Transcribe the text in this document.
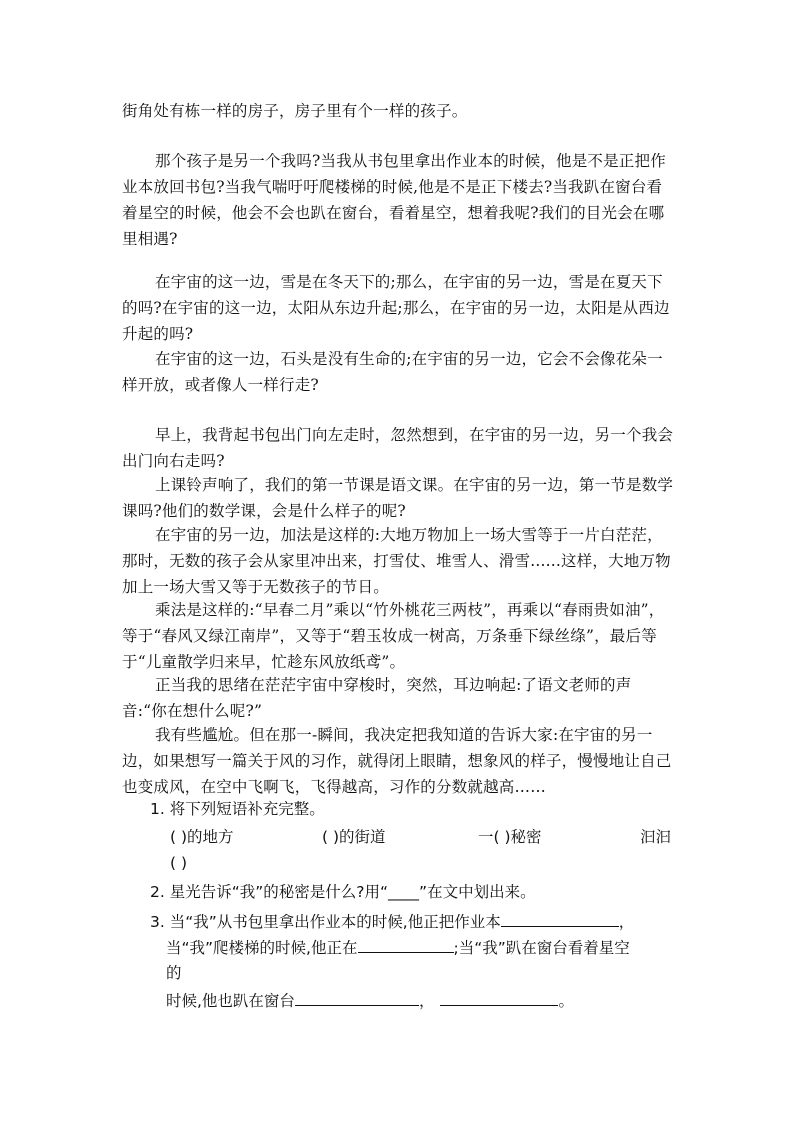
街角处有栋一样的房子，房子里有个一样的孩子。
那个孩子是另一个我吗?当我从书包里拿出作业本的时候，他是不是正把作业本放回书包?当我气喘吁吁爬楼梯的时候,他是不是正下楼去?当我趴在窗台看着星空的时候，他会不会也趴在窗台，看着星空，想着我呢?我们的目光会在哪里相遇?
在宇宙的这一边，雪是在冬天下的;那么，在宇宙的另一边，雪是在夏天下的吗?在宇宙的这一边，太阳从东边升起;那么，在宇宙的另一边，太阳是从西边升起的吗?
在宇宙的这一边，石头是没有生命的;在宇宙的另一边，它会不会像花朵一样开放，或者像人一样行走?
早上，我背起书包出门向左走时，忽然想到，在宇宙的另一边，另一个我会出门向右走吗?
上课铃声响了，我们的第一节课是语文课。在宇宙的另一边，第一节是数学课吗?他们的数学课，会是什么样子的呢?
在宇宙的另一边，加法是这样的:大地万物加上一场大雪等于一片白茫茫，那时，无数的孩子会从家里冲出来，打雪仗、堆雪人、滑雪......这样，大地万物加上一场大雪又等于无数孩子的节日。
乘法是这样的:“早春二月”乘以“竹外桃花三两枝”，再乘以“春雨贵如油”，等于“春风又绿江南岸”，又等于“碧玉妆成一树高，万条垂下绿丝绦”，最后等于“儿童散学归来早，忙趁东风放纸鸢”。
正当我的思绪在茫茫宇宙中穿梭时，突然，耳边响起:了语文老师的声音:“你在想什么呢?”
我有些尴尬。但在那一-瞬间，我决定把我知道的告诉大家:在宇宙的另一边，如果想写一篇关于风的习作，就得闭上眼睛，想象风的样子，慢慢地让自己也变成风，在空中飞啊飞，飞得越高，习作的分数就越高……
1. 将下列短语补充完整。
( )的地方	( )的街道	一( )秘密	汩汩
( )
2. 星光告诉“我”的秘密是什么?用“____”在文中划出来。
3. 当“我”从书包里拿出作业本的时候,他正把作业本	，
当“我”爬楼梯的时候,他正在	;当“我”趴在窗台看着星空
的
时候,他也趴在窗台	，	。
